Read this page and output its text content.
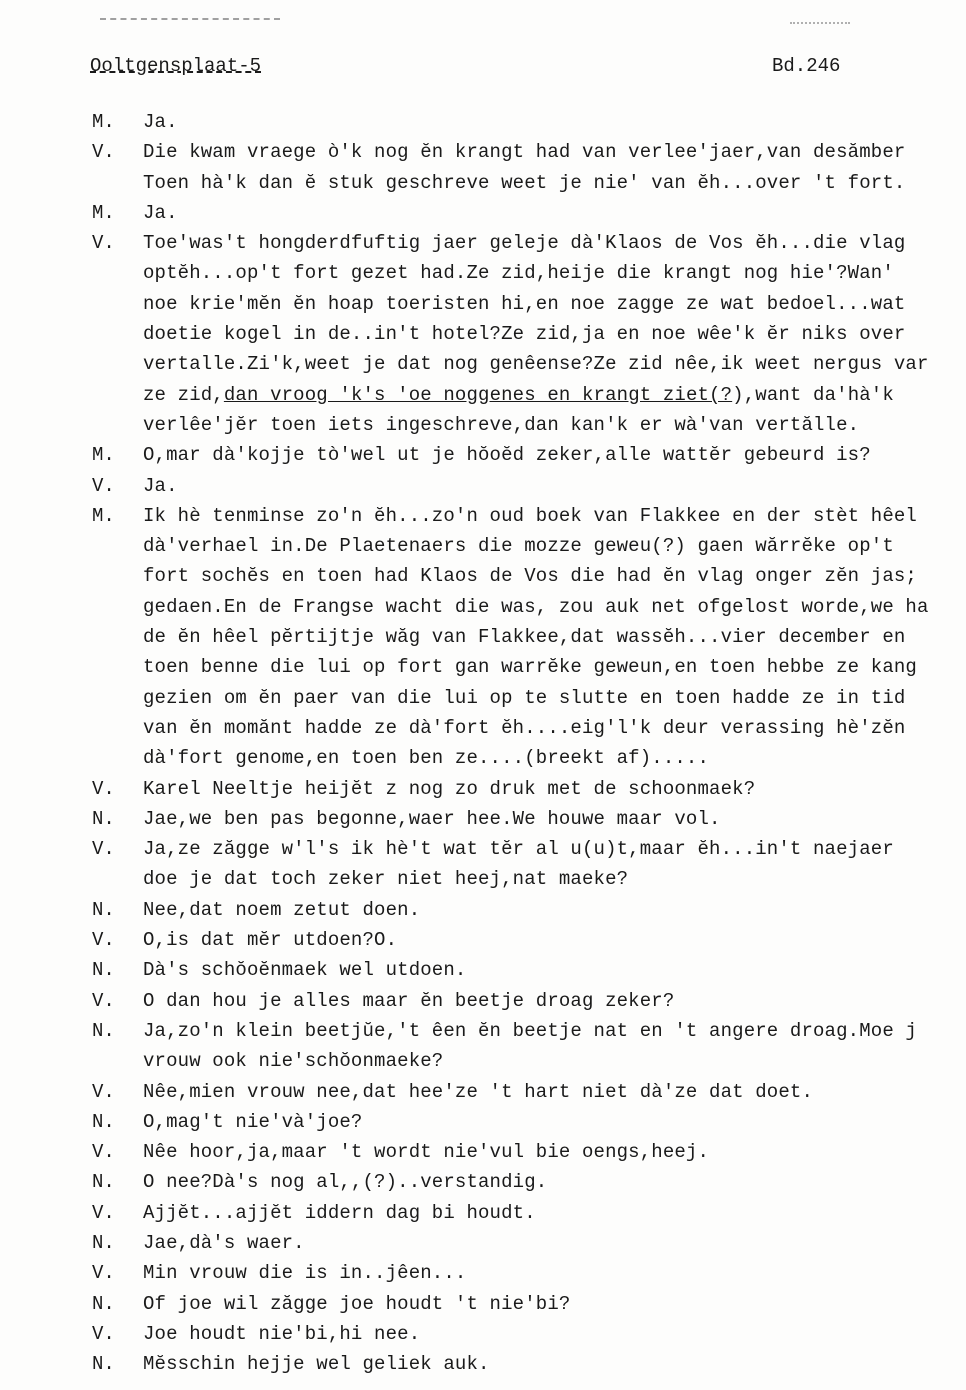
Ooltgensplaat-5	Bd.246
M. Ja.
V. Die kwam vraege ò'k nog ĕn krangt had van verlee'jaer,van desămber
Toen hà'k dan ĕ stuk geschreve weet je nie' van ĕh...over 't fort.
M. Ja.
V. Toe'was't hongderdfuftig jaer geleje dà'Klaos de Vos ĕh...die vlag
optĕh...op't fort gezet had.Ze zid,heije die krangt nog hie'?Wan'
noe krie'mĕn ĕn hoap toeristen hi,en noe zagge ze wat bedoel...wat
doetie kogel in de..in't hotel?Ze zid,ja en noe wêe'k ĕr niks over
vertalle.Zi'k,weet je dat nog genêense?Ze zid nêe,ik weet nergus var
ze zid,dan vroog 'k's 'oe noggenes en krangt ziet(?),want da'hà'k
verlêe'jĕr toen iets ingeschreve,dan kan'k er wà'van vertălle.
M. O,mar dà'kojje tò'wel ut je hŏoĕd zeker,alle wattĕr gebeurd is?
V. Ja.
M. Ik hè tenminse zo'n ĕh...zo'n oud boek van Flakkee en der stèt hêel
dà'verhael in.De Plaetenaers die mozze geweu(?) gaen wărrĕke op't
fort sochĕs en toen had Klaos de Vos die had ĕn vlag onger zĕn jas;
gedaen.En de Frangse wacht die was, zou auk net ofgelost worde,we ha
de ĕn hêel pĕrtijtje wăg van Flakkee,dat wassĕh...vier december en
toen benne die lui op fort gan warrĕke geweun,en toen hebbe ze kang
gezien om ĕn paer van die lui op te slutte en toen hadde ze in tid
van ĕn momănt hadde ze dà'fort ĕh....eig'l'k deur verassing hè'zĕn
dà'fort genome,en toen ben ze....(breekt af).....
V. Karel Neeltje heijĕt z nog zo druk met de schoonmaek?
N. Jae,we ben pas begonne,waer hee.We houwe maar vol.
V. Ja,ze zăgge w'l's ik hè't wat tĕr al u(u)t,maar ĕh...in't naejaer
doe je dat toch zeker niet heej,nat maeke?
N. Nee,dat noem zetut doen.
V. O,is dat mĕr utdoen?O.
N. Dà's schŏoĕnmaek wel utdoen.
V. O dan hou je alles maar ĕn beetje droag zeker?
N. Ja,zo'n klein beetjŭe,'t êen ĕn beetje nat en 't angere droag.Moe j
vrouw ook nie'schŏonmaeke?
V. Nêe,mien vrouw nee,dat hee'ze 't hart niet dà'ze dat doet.
N. O,mag't nie'và'joe?
V. Nêe hoor,ja,maar 't wordt nie'vul bie oengs,heej.
N. O nee?Dà's nog al,,(?)..verstandig.
V. Ajjĕt...ajjĕt iddern dag bi houdt.
N. Jae,dà's waer.
V. Min vrouw die is in..jêen...
N. Of joe wil zăgge joe houdt 't nie'bi?
V. Joe houdt nie'bi,hi nee.
N. Mĕsschin hejje wel geliek auk.
